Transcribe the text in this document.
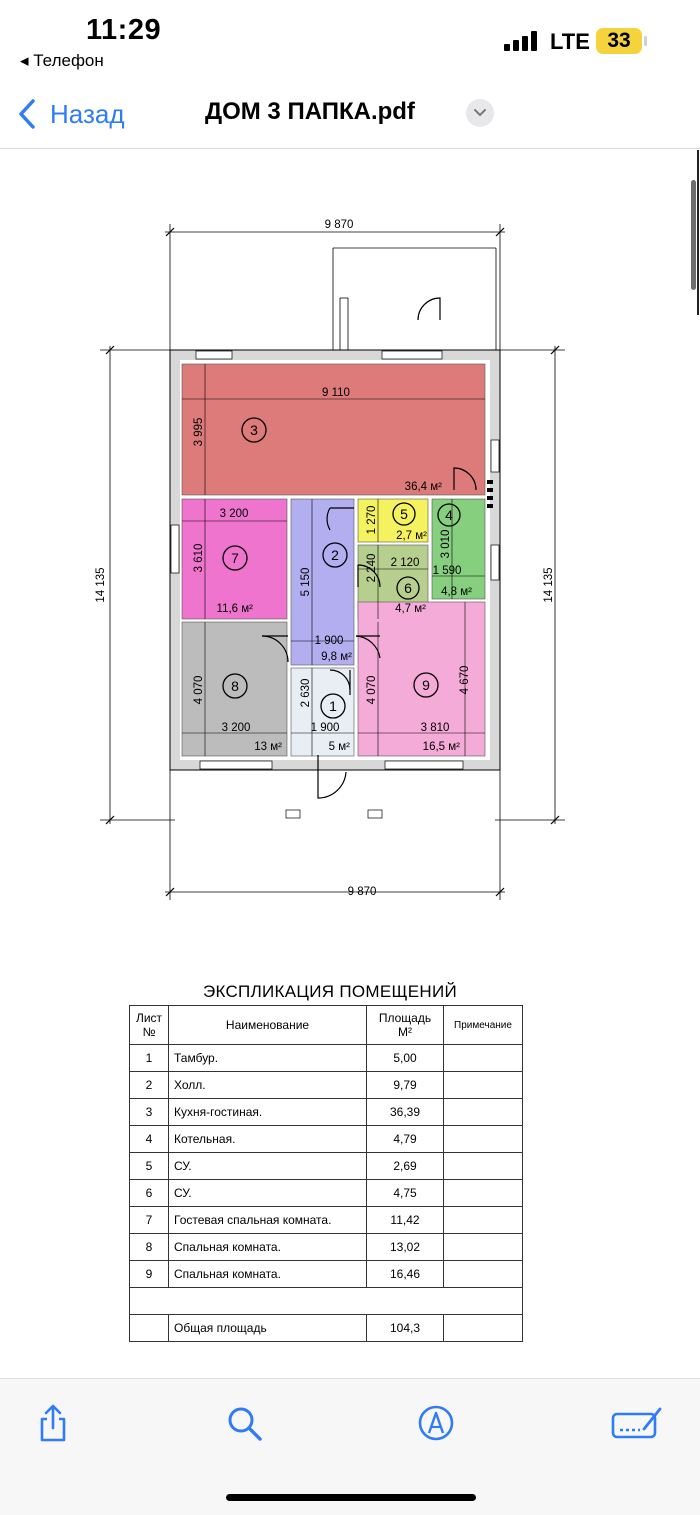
11:29
◂ Телефон
LTE 33
Назад	ДОМ 3 ПАПКА.pdf
9 870
9 870
14 135	14 135
9 110
3 995
3 200
3 610
5 150
1 270
2 240 2 120
3 010
1 590
1 900
4 070	2 630	4 070	4 670
3 200	1 900	3 810
3
2
7
8
1
9
5	4
6
36,4 м²
11,6 м²
9,8 м²
2,7 м²
4,8 м²
4,7 м²
13 м²	5 м²	16,5 м²
ЭКСПЛИКАЦИЯ ПОМЕЩЕНИЙ
Лист №	Наименование	Площадь М²	Примечание
1	Тамбур.	5,00	
2	Холл.	9,79	
3	Кухня-гостиная.	36,39	
4	Котельная.	4,79	
5	СУ.	2,69	
6	СУ.	4,75	
7	Гостевая спальная комната.	11,42	
8	Спальная комната.	13,02	
9	Спальная комната.	16,46	

	Общая площадь	104,3	
